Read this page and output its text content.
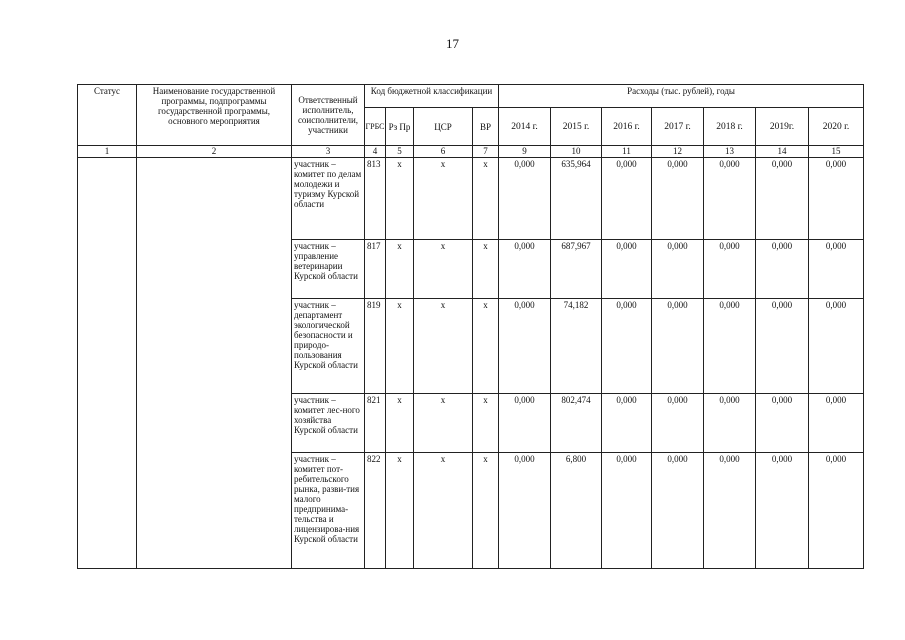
17
Статус	Наименование государственной программы, подпрограммы государственной программы, основного мероприятия	Ответственный исполнитель, соисполнители, участники	Код бюджетной классификации				Расходы (тыс. рублей), годы						
			ГРБС	Рз Пр	ЦСР	ВР	2014 г.	2015 г.	2016 г.	2017 г.	2018 г.	2019г.	2020 г.
1	2	3	4	5	6	7	9	10	11	12	13	14	15
		участник – комитет по делам молодежи и туризму Курской области	813	х	х	х	0,000	635,964	0,000	0,000	0,000	0,000	0,000
		участник – управление ветеринарии Курской области	817	х	х	х	0,000	687,967	0,000	0,000	0,000	0,000	0,000
		участник – департамент экологической безопасности и природо-пользования Курской области	819	х	х	х	0,000	74,182	0,000	0,000	0,000	0,000	0,000
		участник – комитет лес-ного хозяйства Курской области	821	х	х	х	0,000	802,474	0,000	0,000	0,000	0,000	0,000
		участник – комитет пот-ребительского рынка, разви-тия малого предпринима-тельства и лицензирова-ния Курской области	822	х	х	х	0,000	6,800	0,000	0,000	0,000	0,000	0,000
